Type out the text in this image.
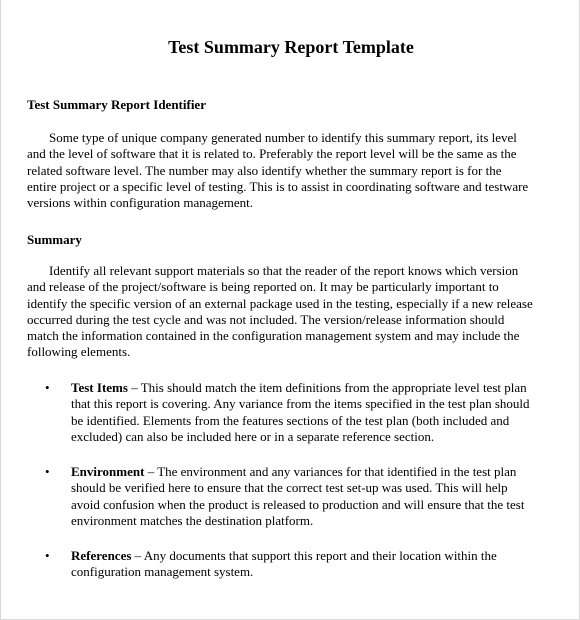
Test Summary Report Template
Test Summary Report Identifier

Some type of unique company generated number to identify this summary report, its level
and the level of software that it is related to. Preferably the report level will be the same as the
related software level. The number may also identify whether the summary report is for the
entire project or a specific level of testing. This is to assist in coordinating software and testware
versions within configuration management.

Summary

Identify all relevant support materials so that the reader of the report knows which version
and release of the project/software is being reported on. It may be particularly important to
identify the specific version of an external package used in the testing, especially if a new release
occurred during the test cycle and was not included. The version/release information should
match the information contained in the configuration management system and may include the
following elements.

•	Test Items – This should match the item definitions from the appropriate level test plan
that this report is covering. Any variance from the items specified in the test plan should
be identified. Elements from the features sections of the test plan (both included and
excluded) can also be included here or in a separate reference section.
•	Environment – The environment and any variances for that identified in the test plan
should be verified here to ensure that the correct test set-up was used. This will help
avoid confusion when the product is released to production and will ensure that the test
environment matches the destination platform.
•	References – Any documents that support this report and their location within the
configuration management system.
